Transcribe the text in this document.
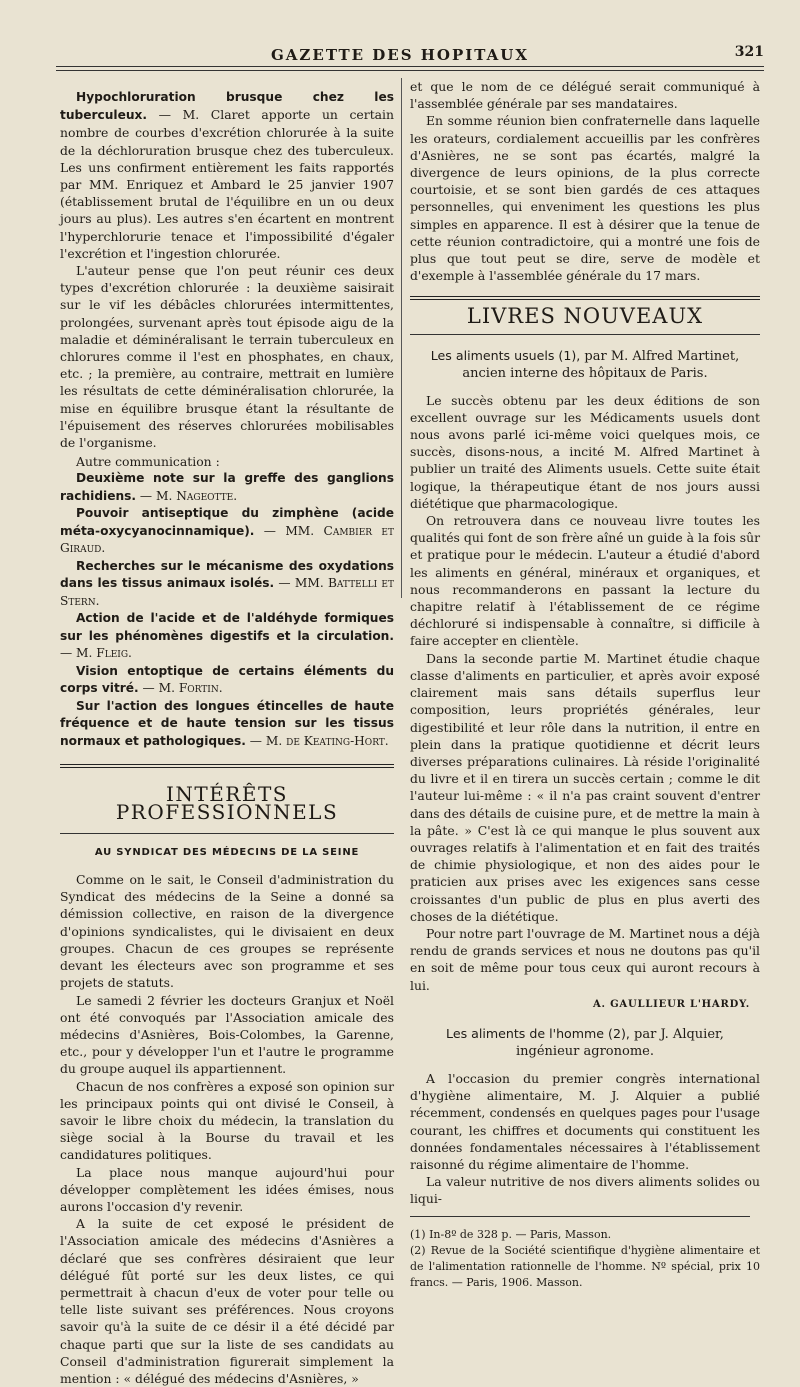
GAZETTE DES HOPITAUX	321

Hypochloruration brusque chez les tuberculeux. — M. Claret apporte un certain nombre de courbes d'excrétion chlorurée à la suite de la déchloruration brusque chez des tuberculeux. Les uns confirment entièrement les faits rapportés par MM. Enriquez et Ambard le 25 janvier 1907 (établissement brutal de l'équilibre en un ou deux jours au plus). Les autres s'en écartent en montrent l'hyperchlorurie tenace et l'impossibilité d'égaler l'excrétion et l'ingestion chlorurée.

L'auteur pense que l'on peut réunir ces deux types d'excrétion chlorurée : la deuxième saisirait sur le vif les débâcles chlorurées intermittentes, prolongées, survenant après tout épisode aigu de la maladie et déminéralisant le terrain tuberculeux en chlorures comme il l'est en phosphates, en chaux, etc. ; la première, au contraire, mettrait en lumière les résultats de cette déminéralisation chlorurée, la mise en équilibre brusque étant la résultante de l'épuisement des réserves chlorurées mobilisables de l'organisme.

Autre communication :

Deuxième note sur la greffe des ganglions rachidiens. — M. Nageotte.

Pouvoir antiseptique du zimphène (acide méta-oxycyanocinnamique). — MM. Cambier et Giraud.

Recherches sur le mécanisme des oxydations dans les tissus animaux isolés. — MM. Battelli et Stern.

Action de l'acide et de l'aldéhyde formiques sur les phénomènes digestifs et la circulation. — M. Fleig.

Vision entoptique de certains éléments du corps vitré. — M. Fortin.

Sur l'action des longues étincelles de haute fréquence et de haute tension sur les tissus normaux et pathologiques. — M. de Keating-Hort.

INTÉRÊTS PROFESSIONNELS
AU SYNDICAT DES MÉDECINS DE LA SEINE

Comme on le sait, le Conseil d'administration du Syndicat des médecins de la Seine a donné sa démission collective, en raison de la divergence d'opinions syndicalistes, qui le divisaient en deux groupes. Chacun de ces groupes se représente devant les électeurs avec son programme et ses projets de statuts.

Le samedi 2 février les docteurs Granjux et Noël ont été convoqués par l'Association amicale des médecins d'Asnières, Bois-Colombes, la Garenne, etc., pour y développer l'un et l'autre le programme du groupe auquel ils appartiennent.

Chacun de nos confrères a exposé son opinion sur les principaux points qui ont divisé le Conseil, à savoir le libre choix du médecin, la translation du siège social à la Bourse du travail et les candidatures politiques.

La place nous manque aujourd'hui pour développer complètement les idées émises, nous aurons l'occasion d'y revenir.

A la suite de cet exposé le président de l'Association amicale des médecins d'Asnières a déclaré que ses confrères désiraient que leur délégué fût porté sur les deux listes, ce qui permettrait à chacun d'eux de voter pour telle ou telle liste suivant ses préférences. Nous croyons savoir qu'à la suite de ce désir il a été décidé par chaque parti que sur la liste de ses candidats au Conseil d'administration figurerait simplement la mention : « délégué des médecins d'Asnières, »

et que le nom de ce délégué serait communiqué à l'assemblée générale par ses mandataires.

En somme réunion bien confraternelle dans laquelle les orateurs, cordialement accueillis par les confrères d'Asnières, ne se sont pas écartés, malgré la divergence de leurs opinions, de la plus correcte courtoisie, et se sont bien gardés de ces attaques personnelles, qui enveniment les questions les plus simples en apparence. Il est à désirer que la tenue de cette réunion contradictoire, qui a montré une fois de plus que tout peut se dire, serve de modèle et d'exemple à l'assemblée générale du 17 mars.

LIVRES NOUVEAUX
Les aliments usuels (1), par M. Alfred Martinet,
ancien interne des hôpitaux de Paris.

Le succès obtenu par les deux éditions de son excellent ouvrage sur les Médicaments usuels dont nous avons parlé ici-même voici quelques mois, ce succès, disons-nous, a incité M. Alfred Martinet à publier un traité des Aliments usuels. Cette suite était logique, la thérapeutique étant de nos jours aussi diététique que pharmacologique.

On retrouvera dans ce nouveau livre toutes les qualités qui font de son frère aîné un guide à la fois sûr et pratique pour le médecin. L'auteur a étudié d'abord les aliments en général, minéraux et organiques, et nous recommanderons en passant la lecture du chapitre relatif à l'établissement de ce régime déchloruré si indispensable à connaître, si difficile à faire accepter en clientèle.

Dans la seconde partie M. Martinet étudie chaque classe d'aliments en particulier, et après avoir exposé clairement mais sans détails superflus leur composition, leurs propriétés générales, leur digestibilité et leur rôle dans la nutrition, il entre en plein dans la pratique quotidienne et décrit leurs diverses préparations culinaires. Là réside l'originalité du livre et il en tirera un succès certain ; comme le dit l'auteur lui-même : « il n'a pas craint souvent d'entrer dans des détails de cuisine pure, et de mettre la main à la pâte. » C'est là ce qui manque le plus souvent aux ouvrages relatifs à l'alimentation et en fait des traités de chimie physiologique, et non des aides pour le praticien aux prises avec les exigences sans cesse croissantes d'un public de plus en plus averti des choses de la diététique.

Pour notre part l'ouvrage de M. Martinet nous a déjà rendu de grands services et nous ne doutons pas qu'il en soit de même pour tous ceux qui auront recours à lui.

A. GAULLIEUR L'HARDY.
Les aliments de l'homme (2), par J. Alquier,
ingénieur agronome.

A l'occasion du premier congrès international d'hygiène alimentaire, M. J. Alquier a publié récemment, condensés en quelques pages pour l'usage courant, les chiffres et documents qui constituent les données fondamentales nécessaires à l'établissement raisonné du régime alimentaire de l'homme.

La valeur nutritive de nos divers aliments solides ou liqui-

(1) In-8º de 328 p. — Paris, Masson.

(2) Revue de la Société scientifique d'hygiène alimentaire et de l'alimentation rationnelle de l'homme. Nº spécial, prix 10 francs. — Paris, 1906. Masson.
